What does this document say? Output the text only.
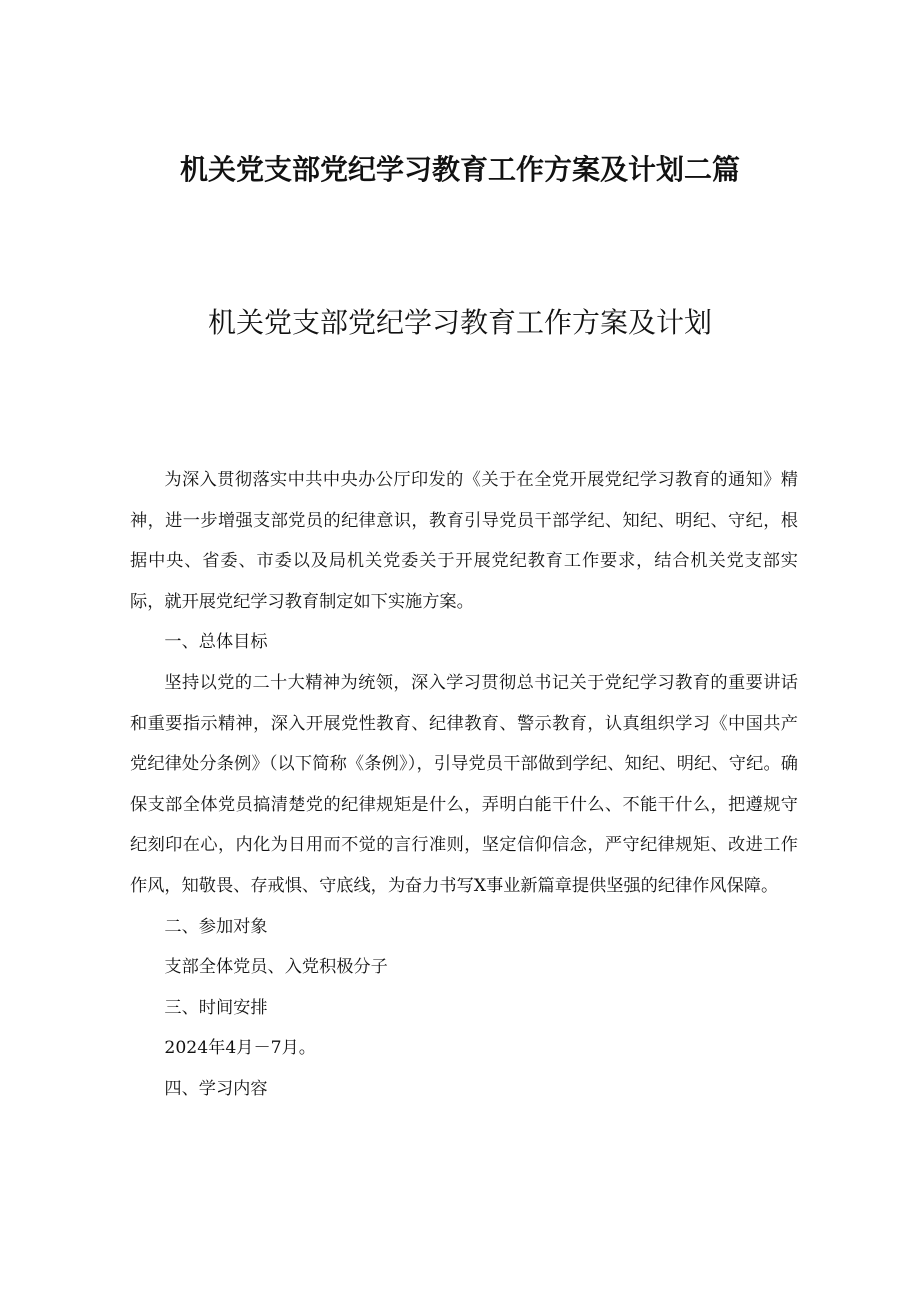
机关党支部党纪学习教育工作方案及计划二篇
机关党支部党纪学习教育工作方案及计划

为深入贯彻落实中共中央办公厅印发的《关于在全党开展党纪学习教育的通知》精神，进一步增强支部党员的纪律意识，教育引导党员干部学纪、知纪、明纪、守纪，根据中央、省委、市委以及局机关党委关于开展党纪教育工作要求，结合机关党支部实际，就开展党纪学习教育制定如下实施方案。

一、总体目标

坚持以党的二十大精神为统领，深入学习贯彻总书记关于党纪学习教育的重要讲话和重要指示精神，深入开展党性教育、纪律教育、警示教育，认真组织学习《中国共产党纪律处分条例》（以下简称《条例》），引导党员干部做到学纪、知纪、明纪、守纪。确保支部全体党员搞清楚党的纪律规矩是什么，弄明白能干什么、不能干什么，把遵规守纪刻印在心，内化为日用而不觉的言行准则，坚定信仰信念，严守纪律规矩、改进工作作风，知敬畏、存戒惧、守底线，为奋力书写X事业新篇章提供坚强的纪律作风保障。

二、参加对象

支部全体党员、入党积极分子

三、时间安排

2024年4月－7月。

四、学习内容
